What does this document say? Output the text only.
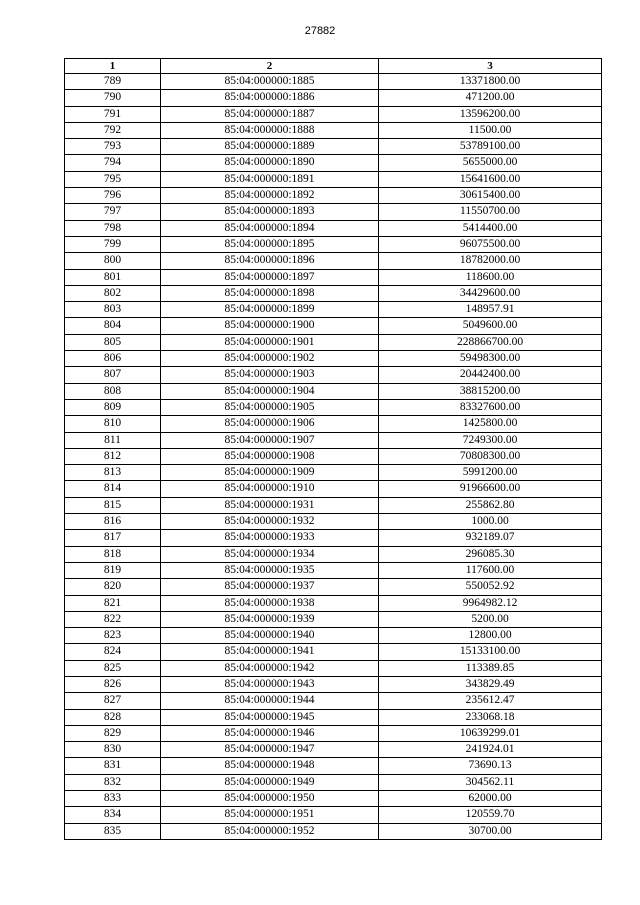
27882
1	2	3
789	85:04:000000:1885	13371800.00
790	85:04:000000:1886	471200.00
791	85:04:000000:1887	13596200.00
792	85:04:000000:1888	11500.00
793	85:04:000000:1889	53789100.00
794	85:04:000000:1890	5655000.00
795	85:04:000000:1891	15641600.00
796	85:04:000000:1892	30615400.00
797	85:04:000000:1893	11550700.00
798	85:04:000000:1894	5414400.00
799	85:04:000000:1895	96075500.00
800	85:04:000000:1896	18782000.00
801	85:04:000000:1897	118600.00
802	85:04:000000:1898	34429600.00
803	85:04:000000:1899	148957.91
804	85:04:000000:1900	5049600.00
805	85:04:000000:1901	228866700.00
806	85:04:000000:1902	59498300.00
807	85:04:000000:1903	20442400.00
808	85:04:000000:1904	38815200.00
809	85:04:000000:1905	83327600.00
810	85:04:000000:1906	1425800.00
811	85:04:000000:1907	7249300.00
812	85:04:000000:1908	70808300.00
813	85:04:000000:1909	5991200.00
814	85:04:000000:1910	91966600.00
815	85:04:000000:1931	255862.80
816	85:04:000000:1932	1000.00
817	85:04:000000:1933	932189.07
818	85:04:000000:1934	296085.30
819	85:04:000000:1935	117600.00
820	85:04:000000:1937	550052.92
821	85:04:000000:1938	9964982.12
822	85:04:000000:1939	5200.00
823	85:04:000000:1940	12800.00
824	85:04:000000:1941	15133100.00
825	85:04:000000:1942	113389.85
826	85:04:000000:1943	343829.49
827	85:04:000000:1944	235612.47
828	85:04:000000:1945	233068.18
829	85:04:000000:1946	10639299.01
830	85:04:000000:1947	241924.01
831	85:04:000000:1948	73690.13
832	85:04:000000:1949	304562.11
833	85:04:000000:1950	62000.00
834	85:04:000000:1951	120559.70
835	85:04:000000:1952	30700.00
